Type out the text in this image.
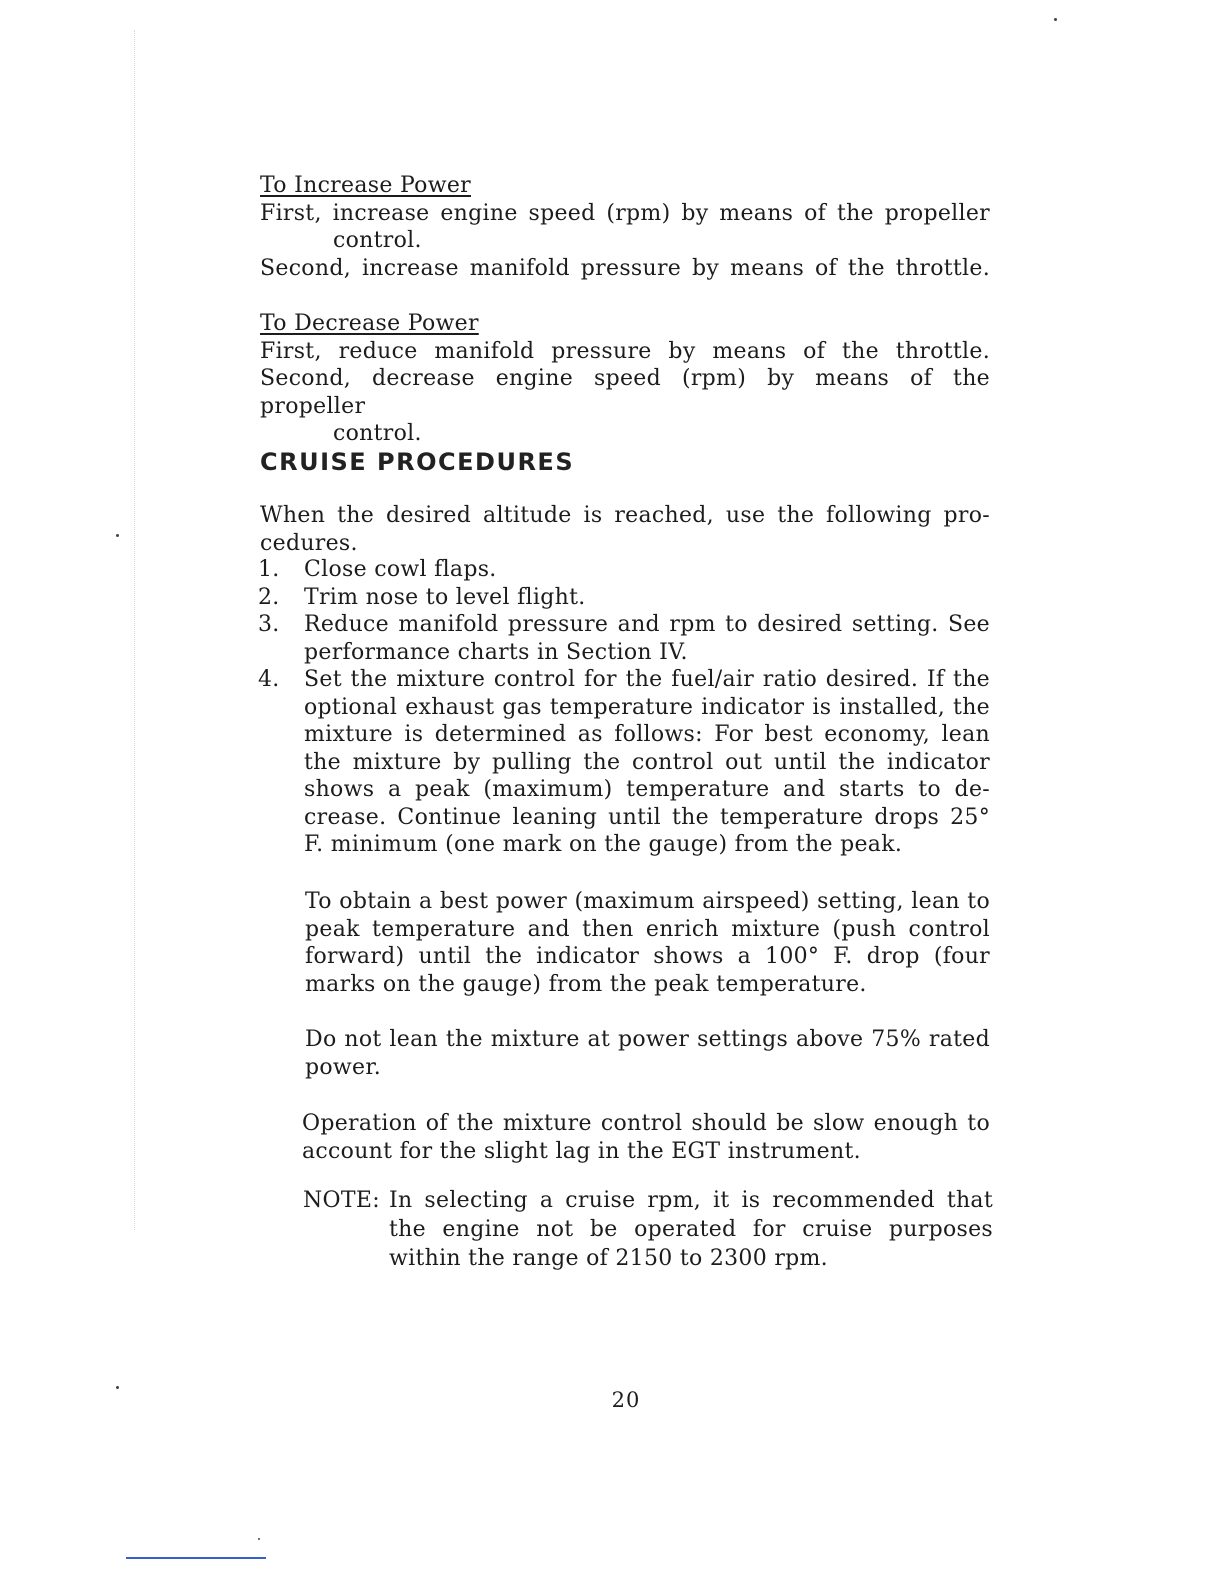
To Increase Power
First, increase engine speed (rpm) by means of the propeller
control.
Second, increase manifold pressure by means of the throttle.
To Decrease Power
First, reduce manifold pressure by means of the throttle.
Second, decrease engine speed (rpm) by means of the propeller
control.
CRUISE PROCEDURES
When the desired altitude is reached, use the following pro-
cedures.
1. Close cowl flaps.
2. Trim nose to level flight.
3. Reduce manifold pressure and rpm to desired setting. See performance charts in Section IV.
4. Set the mixture control for the fuel/air ratio desired. If the optional exhaust gas temperature indicator is installed, the mixture is determined as follows: For best economy, lean the mixture by pulling the control out until the indicator shows a peak (maximum) temperature and starts to de-crease. Continue leaning until the temperature drops 25° F. minimum (one mark on the gauge) from the peak.
To obtain a best power (maximum airspeed) setting, lean to peak temperature and then enrich mixture (push control forward) until the indicator shows a 100° F. drop (four marks on the gauge) from the peak temperature.
Do not lean the mixture at power settings above 75% rated power.
Operation of the mixture control should be slow enough to account for the slight lag in the EGT instrument.
NOTE: In selecting a cruise rpm, it is recommended that the engine not be operated for cruise purposes within the range of 2150 to 2300 rpm.
20
